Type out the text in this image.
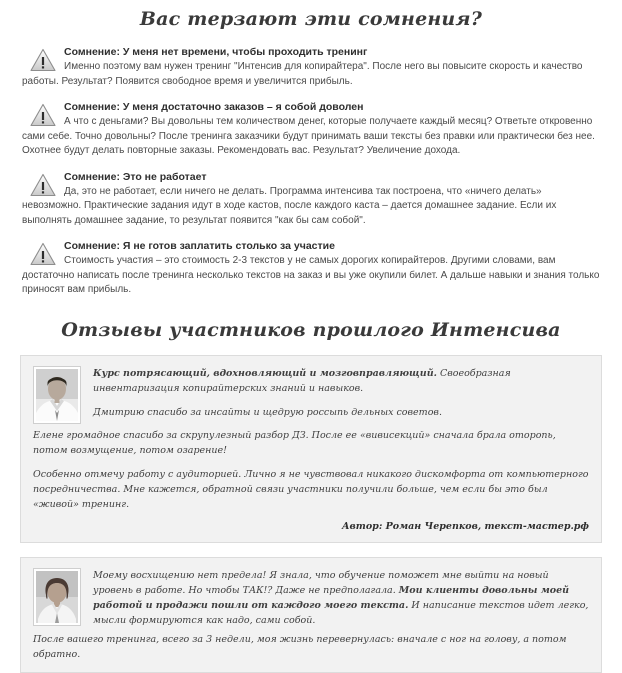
Вас терзают эти сомнения?

Сомнение: У меня нет времени, чтобы проходить тренинг

Именно поэтому вам нужен тренинг "Интенсив для копирайтера". После него вы повысите скорость и качество работы. Результат? Появится свободное время и увеличится прибыль.

Сомнение: У меня достаточно заказов – я собой доволен

А что с деньгами? Вы довольны тем количеством денег, которые получаете каждый месяц? Ответьте откровенно сами себе. Точно довольны? После тренинга заказчики будут принимать ваши тексты без правки или практически без нее. Охотнее будут делать повторные заказы. Рекомендовать вас. Результат? Увеличение дохода.

Сомнение: Это не работает

Да, это не работает, если ничего не делать. Программа интенсива так построена, что «ничего делать» невозможно. Практические задания идут в ходе кастов, после каждого каста – дается домашнее задание. Если их выполнять домашнее задание, то результат появится "как бы сам собой".

Сомнение: Я не готов заплатить столько за участие

Стоимость участия – это стоимость 2-3 текстов у не самых дорогих копирайтеров. Другими словами, вам достаточно написать после тренинга несколько текстов на заказ и вы уже окупили билет. А дальше навыки и знания только приносят вам прибыль.

Отзывы участников прошлого Интенсива

Курс потрясающий, вдохновляющий и мозговправляющий. Своеобразная инвентаризация копирайтерских знаний и навыков.

Дмитрию спасибо за инсайты и щедрую россыпь дельных советов.

Елене громадное спасибо за скрупулезный разбор ДЗ. После ее «вивисекций» сначала брала оторопь, потом возмущение, потом озарение!

Особенно отмечу работу с аудиторией. Лично я не чувствовал никакого дискомфорта от компьютерного посредничества. Мне кажется, обратной связи участники получили больше, чем если бы это был «живой» тренинг.

Автор: Роман Черепков, текст-мастер.рф

Моему восхищению нет предела! Я знала, что обучение поможет мне выйти на новый уровень в работе. Но чтобы ТАК!? Даже не предполагала. Мои клиенты довольны моей работой и продажи пошли от каждого моего текста. И написание текстов идет легко, мысли формируются как надо, сами собой.

После вашего тренинга, всего за 3 недели, моя жизнь перевернулась: вначале с ног на голову, а потом обратно.
